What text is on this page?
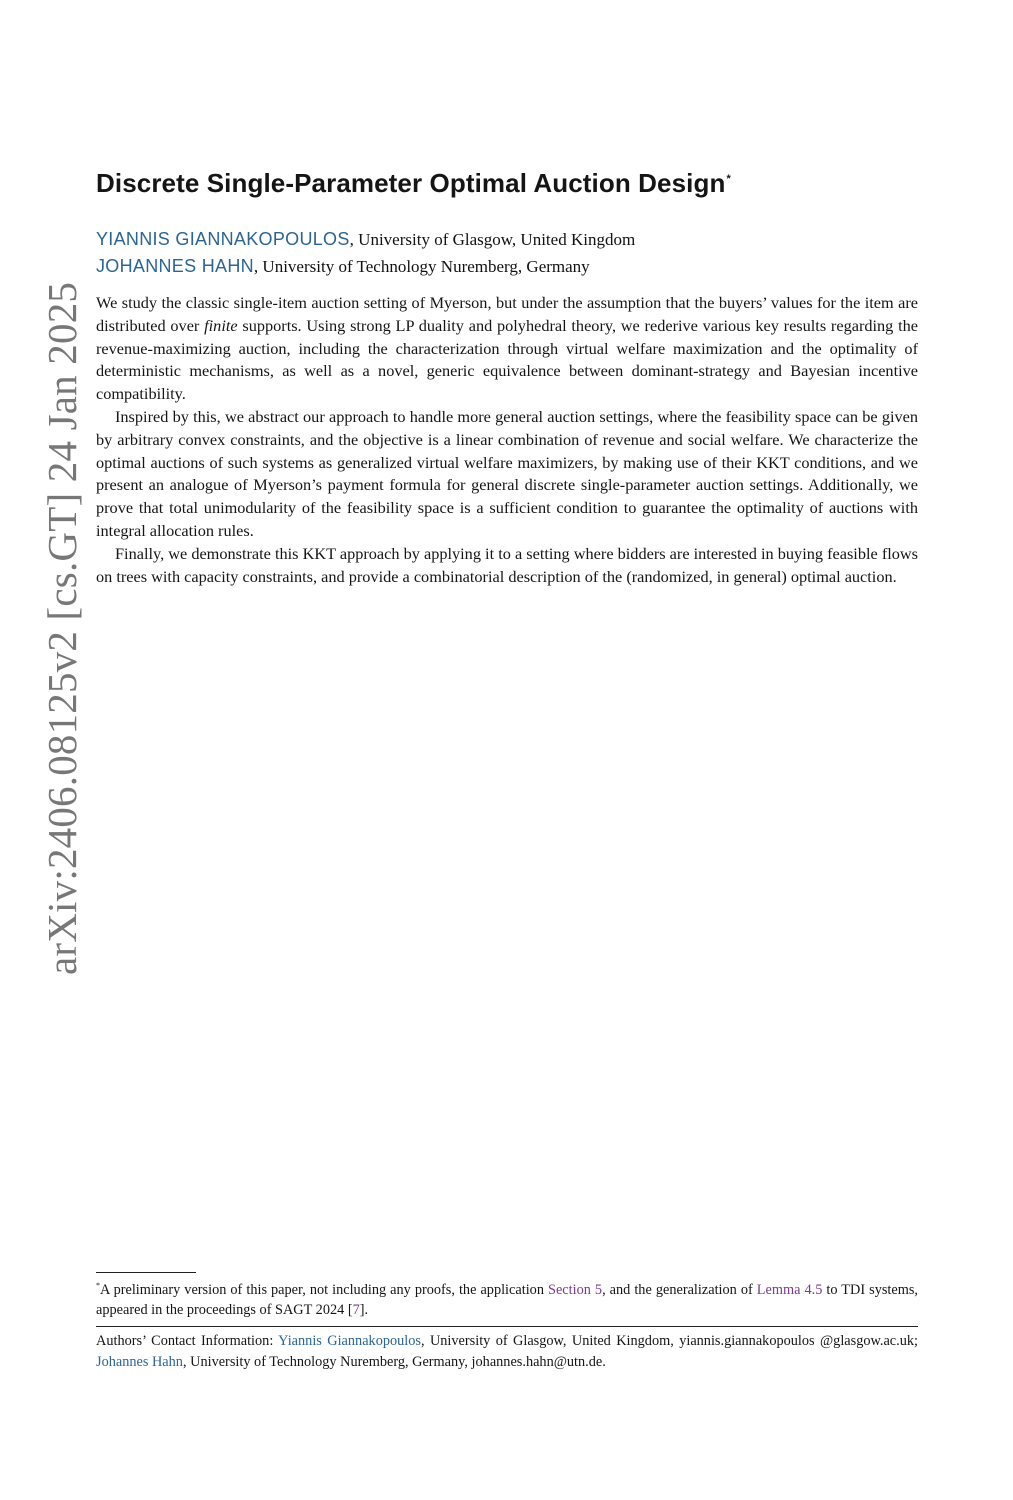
arXiv:2406.08125v2 [cs.GT] 24 Jan 2025
Discrete Single-Parameter Optimal Auction Design*
YIANNIS GIANNAKOPOULOS, University of Glasgow, United Kingdom
JOHANNES HAHN, University of Technology Nuremberg, Germany

We study the classic single-item auction setting of Myerson, but under the assumption that the buyers’ values for the item are distributed over finite supports. Using strong LP duality and polyhedral theory, we rederive various key results regarding the revenue-maximizing auction, including the characterization through virtual welfare maximization and the optimality of deterministic mechanisms, as well as a novel, generic equivalence between dominant-strategy and Bayesian incentive compatibility.

Inspired by this, we abstract our approach to handle more general auction settings, where the feasibility space can be given by arbitrary convex constraints, and the objective is a linear combination of revenue and social welfare. We characterize the optimal auctions of such systems as generalized virtual welfare maximizers, by making use of their KKT conditions, and we present an analogue of Myerson’s payment formula for general discrete single-parameter auction settings. Additionally, we prove that total unimodularity of the feasibility space is a sufficient condition to guarantee the optimality of auctions with integral allocation rules.

Finally, we demonstrate this KKT approach by applying it to a setting where bidders are interested in buying feasible flows on trees with capacity constraints, and provide a combinatorial description of the (randomized, in general) optimal auction.

*A preliminary version of this paper, not including any proofs, the application Section 5, and the generalization of Lemma 4.5 to TDI systems, appeared in the proceedings of SAGT 2024 [7].
Authors’ Contact Information: Yiannis Giannakopoulos, University of Glasgow, United Kingdom, yiannis.giannakopoulos @glasgow.ac.uk; Johannes Hahn, University of Technology Nuremberg, Germany, johannes.hahn@utn.de.
